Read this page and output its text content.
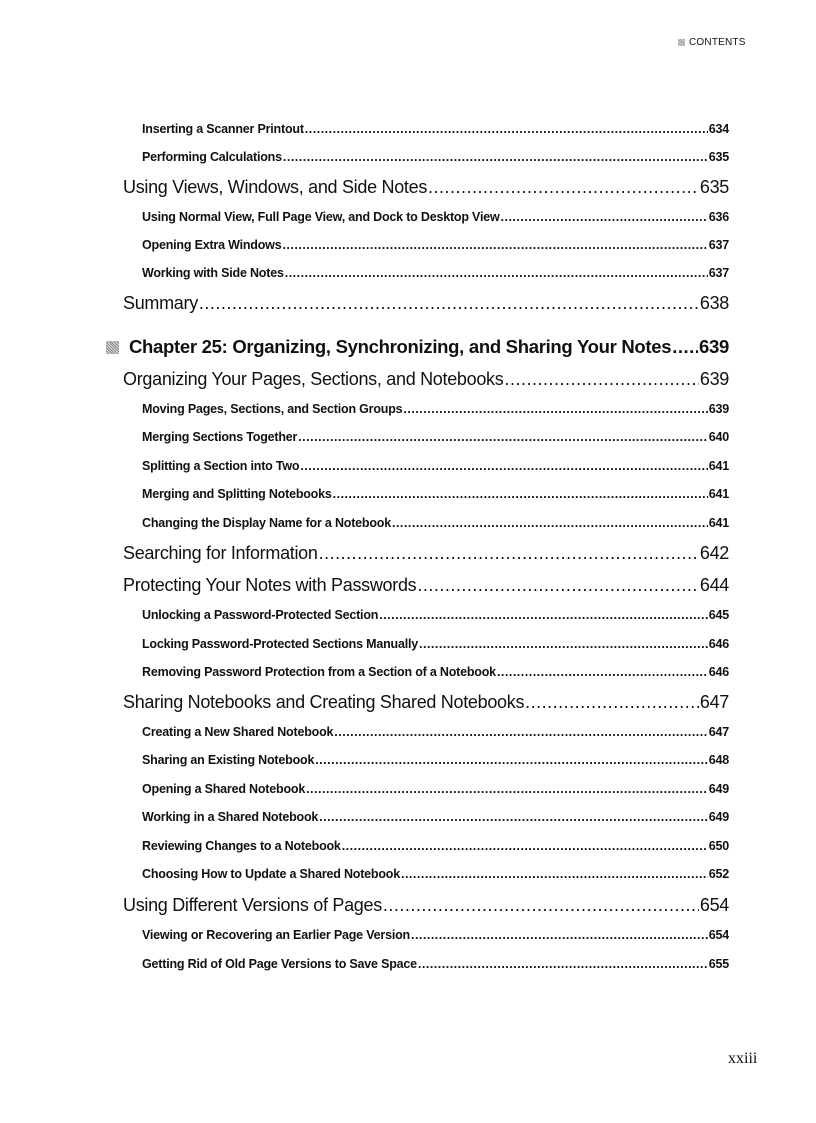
CONTENTS
Inserting a Scanner Printout .....	634
Performing Calculations .....	635
Using Views, Windows, and Side Notes .....	635
Using Normal View, Full Page View, and Dock to Desktop View .....	636
Opening Extra Windows .....	637
Working with Side Notes .....	637
Summary .....	638
Chapter 25: Organizing, Synchronizing, and Sharing Your Notes ..... 639
Organizing Your Pages, Sections, and Notebooks .....	639
Moving Pages, Sections, and Section Groups .....	639
Merging Sections Together .....	640
Splitting a Section into Two .....	641
Merging and Splitting Notebooks .....	641
Changing the Display Name for a Notebook .....	641
Searching for Information .....	642
Protecting Your Notes with Passwords .....	644
Unlocking a Password-Protected Section .....	645
Locking Password-Protected Sections Manually .....	646
Removing Password Protection from a Section of a Notebook .....	646
Sharing Notebooks and Creating Shared Notebooks .....	647
Creating a New Shared Notebook .....	647
Sharing an Existing Notebook .....	648
Opening a Shared Notebook .....	649
Working in a Shared Notebook .....	649
Reviewing Changes to a Notebook .....	650
Choosing How to Update a Shared Notebook .....	652
Using Different Versions of Pages .....	654
Viewing or Recovering an Earlier Page Version .....	654
Getting Rid of Old Page Versions to Save Space .....	655
xxiii
